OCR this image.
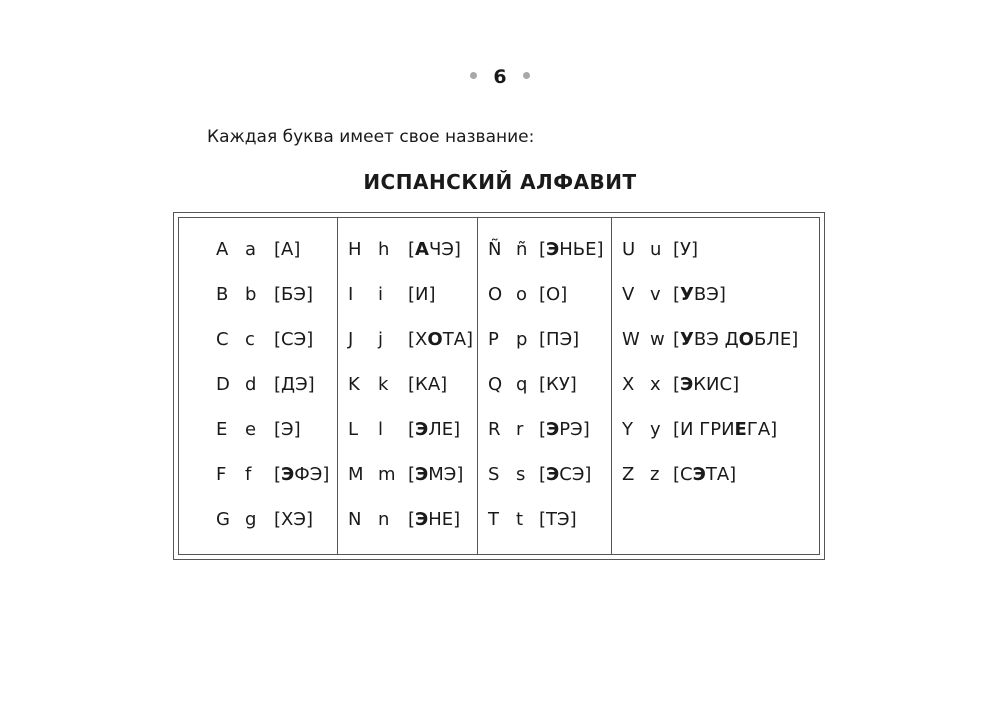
6
Каждая буква имеет свое название:
ИСПАНСКИЙ АЛФАВИТ
A a [А]
B b [БЭ]
C c [СЭ]
D d [ДЭ]
E e [Э]
F f [ЭФЭ]
G g [ХЭ]
H h [АЧЭ]
I i [И]
J j [ХОТА]
K k [КА]
L l [ЭЛЕ]
M m [ЭМЭ]
N n [ЭНЕ]
Ñ ñ [ЭНЬЕ]
O o [О]
P p [ПЭ]
Q q [КУ]
R r [ЭРЭ]
S s [ЭСЭ]
T t [ТЭ]
U u [У]
V v [УВЭ]
W w [УВЭ ДОБЛЕ]
X x [ЭКИС]
Y y [И ГРИЕГА]
Z z [СЭТА]
